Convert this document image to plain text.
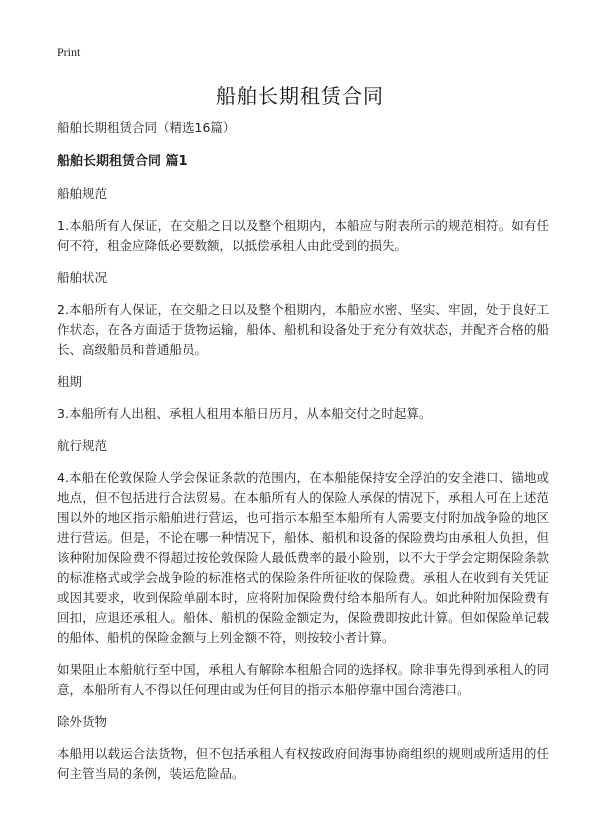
Print
船舶长期租赁合同
船舶长期租赁合同（精选16篇）
船舶长期租赁合同 篇1
船舶规范
1.本船所有人保证，在交船之日以及整个租期内，本船应与附表所示的规范相符。如有任何不符，租金应降低必要数额，以抵偿承租人由此受到的损失。
船舶状况
2.本船所有人保证，在交船之日以及整个租期内，本船应水密、坚实、牢固，处于良好工作状态，在各方面适于货物运输，船体、船机和设备处于充分有效状态，并配齐合格的船长、高级船员和普通船员。
租期
3.本船所有人出租、承租人租用本船日历月，从本船交付之时起算。
航行规范
4.本船在伦敦保险人学会保证条款的范围内，在本船能保持安全浮泊的安全港口、锚地或地点，但不包括进行合法贸易。在本船所有人的保险人承保的情况下，承租人可在上述范围以外的地区指示船舶进行营运，也可指示本船至本船所有人需要支付附加战争险的地区进行营运。但是，不论在哪一种情况下，船体、船机和设备的保险费均由承租人负担，但该种附加保险费不得超过按伦敦保险人最低费率的最小险别，以不大于学会定期保险条款的标准格式或学会战争险的标准格式的保险条件所征收的保险费。承租人在收到有关凭证或因其要求，收到保险单副本时，应将附加保险费付给本船所有人。如此种附加保险费有回扣，应退还承租人。船体、船机的保险金额定为，保险费即按此计算。但如保险单记载的船体、船机的保险金额与上列金额不符，则按较小者计算。
如果阻止本船航行至中国，承租人有解除本租船合同的选择权。除非事先得到承租人的同意，本船所有人不得以任何理由或为任何目的指示本船停靠中国台湾港口。
除外货物
本船用以载运合法货物，但不包括承租人有权按政府间海事协商组织的规则或所适用的任何主管当局的条例，装运危险品。
